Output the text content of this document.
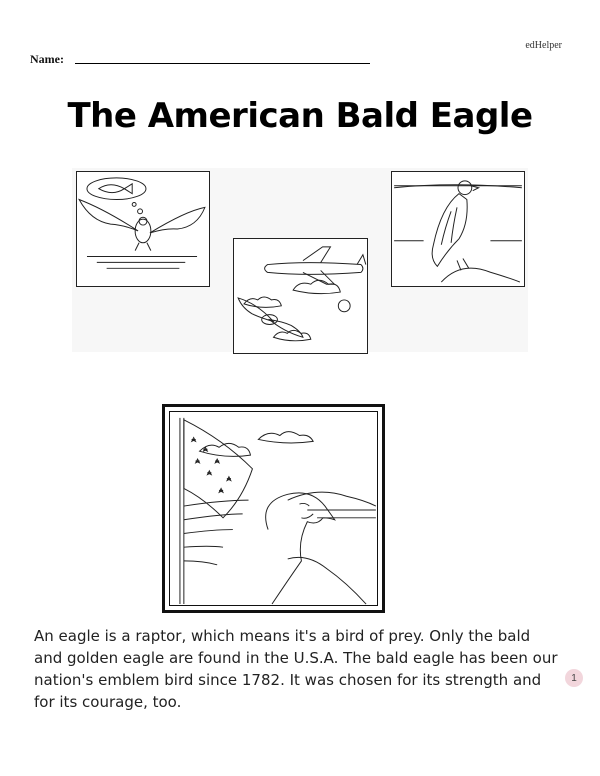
edHelper
Name:
The American Bald Eagle
An eagle is a raptor, which means it's a bird of prey. Only the bald and golden eagle are found in the U.S.A. The bald eagle has been our nation's emblem bird since 1782. It was chosen for its strength and for its courage, too.
1
